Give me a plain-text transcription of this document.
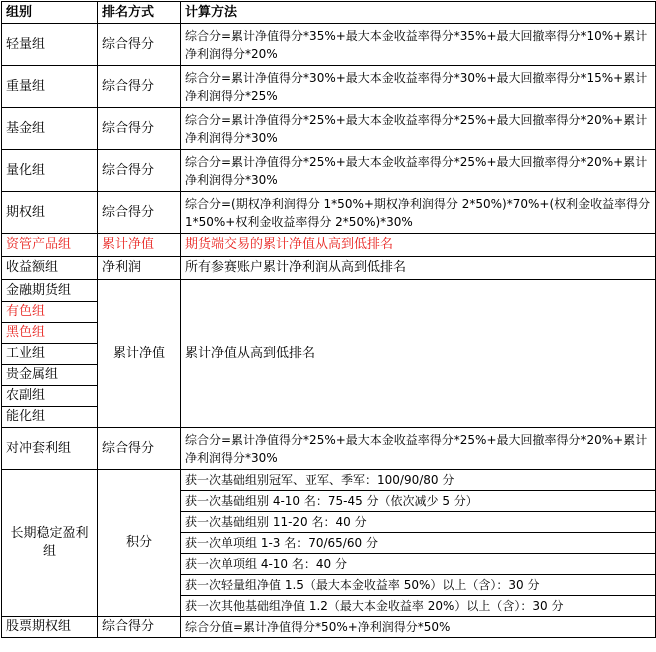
组别	排名方式	计算方法
轻量组	综合得分	综合分=累计净值得分*35%+最大本金收益率得分*35%+最大回撤率得分*10%+累计净利润得分*20%
重量组	综合得分	综合分=累计净值得分*30%+最大本金收益率得分*30%+最大回撤率得分*15%+累计净利润得分*25%
基金组	综合得分	综合分=累计净值得分*25%+最大本金收益率得分*25%+最大回撤率得分*20%+累计净利润得分*30%
量化组	综合得分	综合分=累计净值得分*25%+最大本金收益率得分*25%+最大回撤率得分*20%+累计净利润得分*30%
期权组	综合得分	综合分=(期权净利润得分 1*50%+期权净利润得分 2*50%)*70%+(权利金收益率得分 1*50%+权利金收益率得分 2*50%)*30%
资管产品组	累计净值	期货端交易的累计净值从高到低排名
收益额组	净利润	所有参赛账户累计净利润从高到低排名
金融期货组	累计净值	累计净值从高到低排名
有色组		
黑色组		
工业组		
贵金属组		
农副组		
能化组		
对冲套利组	综合得分	综合分=累计净值得分*25%+最大本金收益率得分*25%+最大回撤率得分*20%+累计净利润得分*30%
长期稳定盈利组	积分	获一次基础组别冠军、亚军、季军：100/90/80 分
		获一次基础组别 4-10 名：75-45 分（依次减少 5 分）
		获一次基础组别 11-20 名：40 分
		获一次单项组 1-3 名：70/65/60 分
		获一次单项组 4-10 名：40 分
		获一次轻量组净值 1.5（最大本金收益率 50%）以上（含）：30 分
		获一次其他基础组净值 1.2（最大本金收益率 20%）以上（含）：30 分
股票期权组	综合得分	综合分值=累计净值得分*50%+净利润得分*50%
